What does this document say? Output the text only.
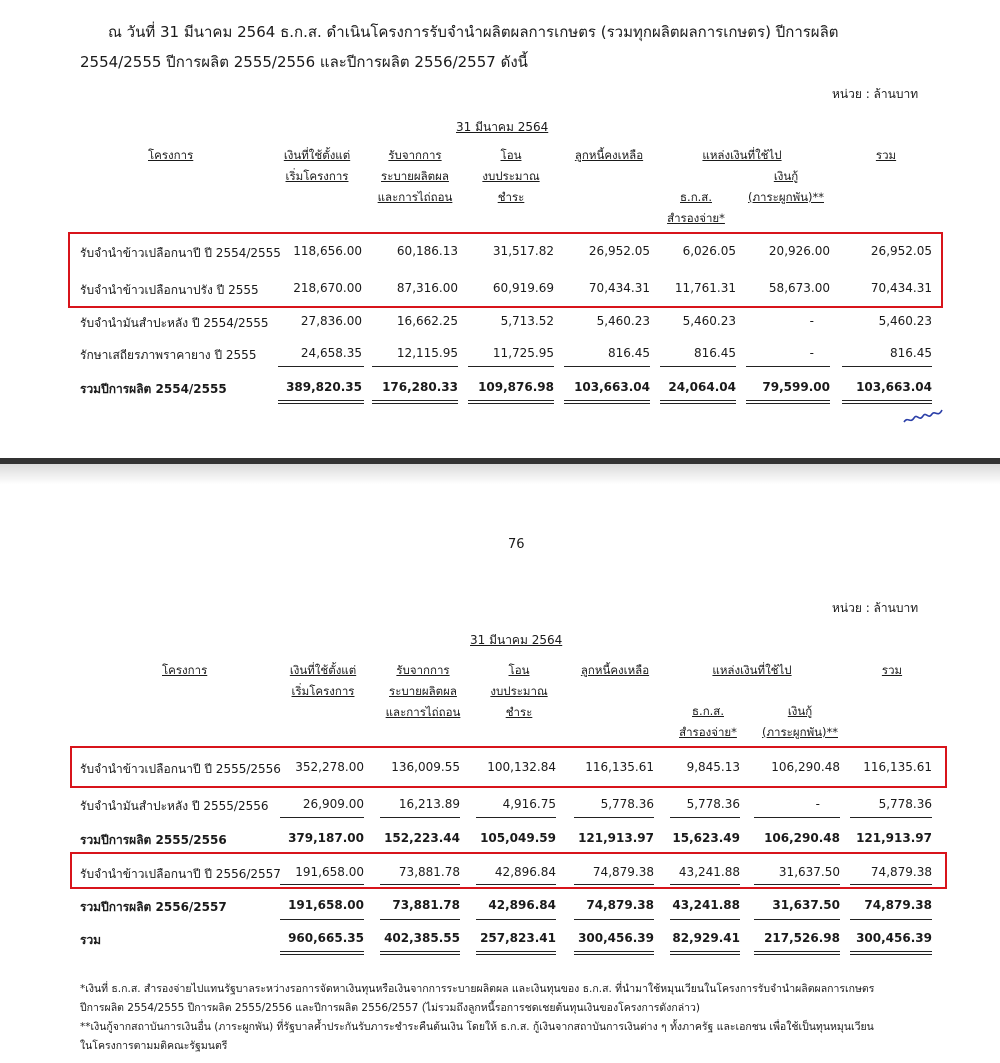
ณ วันที่ 31 มีนาคม 2564 ธ.ก.ส. ดำเนินโครงการรับจำนำผลิตผลการเกษตร (รวมทุกผลิตผลการเกษตร) ปีการผลิต
2554/2555 ปีการผลิต 2555/2556 และปีการผลิต 2556/2557 ดังนี้
หน่วย : ล้านบาท
31 มีนาคม 2564
โครงการ	เงินที่ใช้ตั้งแต่
เริ่มโครงการ
รับจากการ
ระบายผลิตผล
และการไถ่ถอน
โอน
งบประมาณ
ชำระ
ลูกหนี้คงเหลือ	แหล่งเงินที่ใช้ไป
ธ.ก.ส.
สำรองจ่าย*
เงินกู้
(ภาระผูกพัน)**
รวม
รับจำนำข้าวเปลือกนาปี ปี 2554/2555	118,656.00	60,186.13	31,517.82	26,952.05	6,026.05	20,926.00	26,952.05
รับจำนำข้าวเปลือกนาปรัง ปี 2555	218,670.00	87,316.00	60,919.69	70,434.31	11,761.31	58,673.00	70,434.31
รับจำนำมันสำปะหลัง ปี 2554/2555	27,836.00	16,662.25	5,713.52	5,460.23	5,460.23	-	5,460.23
รักษาเสถียรภาพราคายาง ปี 2555	24,658.35	12,115.95	11,725.95	816.45	816.45	-	816.45
รวมปีการผลิต 2554/2555	389,820.35	176,280.33	109,876.98	103,663.04	24,064.04	79,599.00	103,663.04
76
หน่วย : ล้านบาท
31 มีนาคม 2564
โครงการ	เงินที่ใช้ตั้งแต่
เริ่มโครงการ
รับจากการ
ระบายผลิตผล
และการไถ่ถอน
โอน
งบประมาณ
ชำระ
ลูกหนี้คงเหลือ	แหล่งเงินที่ใช้ไป
ธ.ก.ส.
สำรองจ่าย*
เงินกู้
(ภาระผูกพัน)**
รวม
รับจำนำข้าวเปลือกนาปี ปี 2555/2556	352,278.00	136,009.55	100,132.84	116,135.61	9,845.13	106,290.48	116,135.61
รับจำนำมันสำปะหลัง ปี 2555/2556	26,909.00	16,213.89	4,916.75	5,778.36	5,778.36	-	5,778.36
รวมปีการผลิต 2555/2556	379,187.00	152,223.44	105,049.59	121,913.97	15,623.49	106,290.48	121,913.97
รับจำนำข้าวเปลือกนาปี ปี 2556/2557	191,658.00	73,881.78	42,896.84	74,879.38	43,241.88	31,637.50	74,879.38
รวมปีการผลิต 2556/2557	191,658.00	73,881.78	42,896.84	74,879.38	43,241.88	31,637.50	74,879.38
รวม	960,665.35	402,385.55	257,823.41	300,456.39	82,929.41	217,526.98	300,456.39
*เงินที่ ธ.ก.ส. สำรองจ่ายไปแทนรัฐบาลระหว่างรอการจัดหาเงินทุนหรือเงินจากการระบายผลิตผล และเงินทุนของ ธ.ก.ส. ที่นำมาใช้หมุนเวียนในโครงการรับจำนำผลิตผลการเกษตร
ปีการผลิต 2554/2555 ปีการผลิต 2555/2556 และปีการผลิต 2556/2557 (ไม่รวมถึงลูกหนี้รอการชดเชยต้นทุนเงินของโครงการดังกล่าว)
**เงินกู้จากสถาบันการเงินอื่น (ภาระผูกพัน) ที่รัฐบาลค้ำประกันรับภาระชำระคืนต้นเงิน โดยให้ ธ.ก.ส. กู้เงินจากสถาบันการเงินต่าง ๆ ทั้งภาครัฐ และเอกชน เพื่อใช้เป็นทุนหมุนเวียน
ในโครงการตามมติคณะรัฐมนตรี
